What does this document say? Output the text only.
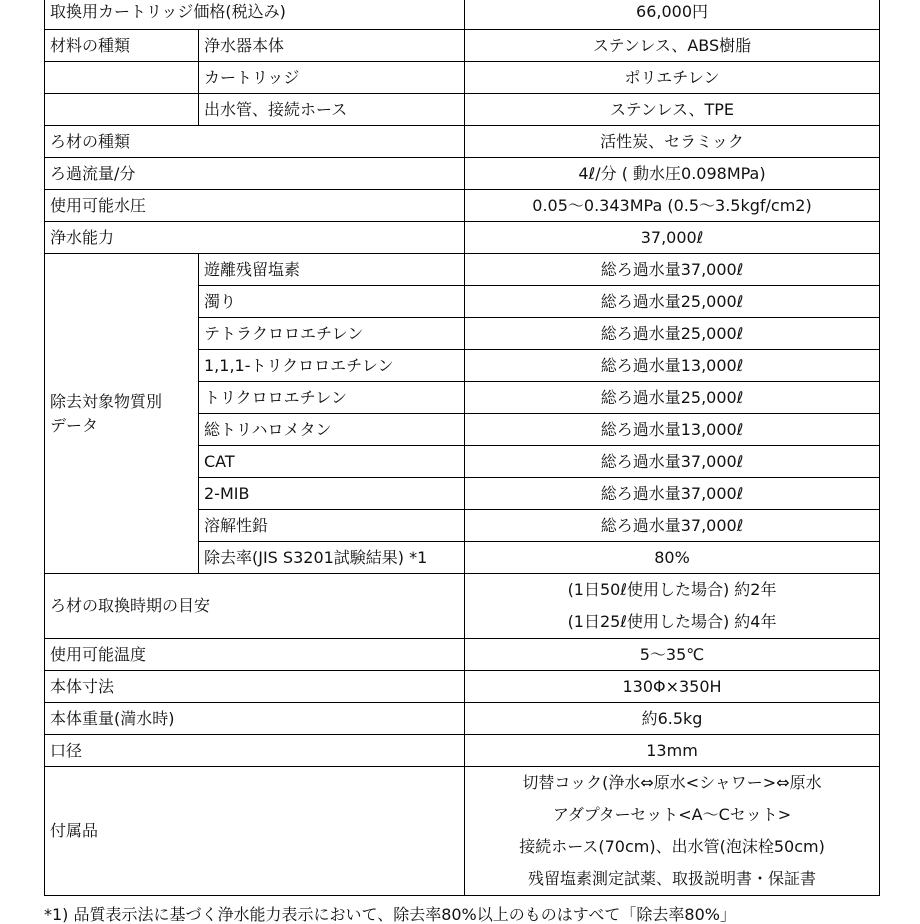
取換用カートリッジ価格(税込み)		66,000円
材料の種類	浄水器本体	ステンレス、ABS樹脂
	カートリッジ	ポリエチレン
	出水管、接続ホース	ステンレス、TPE
ろ材の種類		活性炭、セラミック
ろ過流量/分		4ℓ/分 ( 動水圧0.098MPa)
使用可能水圧		0.05～0.343MPa (0.5～3.5kgf/cm2)
浄水能力		37,000ℓ

除去対象物質別
データ	遊離残留塩素	総ろ過水量37,000ℓ
	濁り	総ろ過水量25,000ℓ
	テトラクロロエチレン	総ろ過水量25,000ℓ
	1,1,1-トリクロロエチレン	総ろ過水量13,000ℓ
	トリクロロエチレン	総ろ過水量25,000ℓ
	総トリハロメタン	総ろ過水量13,000ℓ
	CAT	総ろ過水量37,000ℓ
	2-MIB	総ろ過水量37,000ℓ
	溶解性鉛	総ろ過水量37,000ℓ
	除去率(JIS S3201試験結果) *1	80%
ろ材の取換時期の目安		(1日50ℓ使用した場合) 約2年
(1日25ℓ使用した場合) 約4年

使用可能温度		5～35℃
本体寸法		130Φ×350H
本体重量(満水時)		約6.5kg
口径		13mm
付属品		切替コック(浄水⇔原水<シャワー>⇔原水
アダプターセット<A～Cセット>
接続ホース(70cm)、出水管(泡沫栓50cm)
残留塩素測定試薬、取扱説明書・保証書
*1) 品質表示法に基づく浄水能力表示において、除去率80%以上のものはすべて「除去率80%」
